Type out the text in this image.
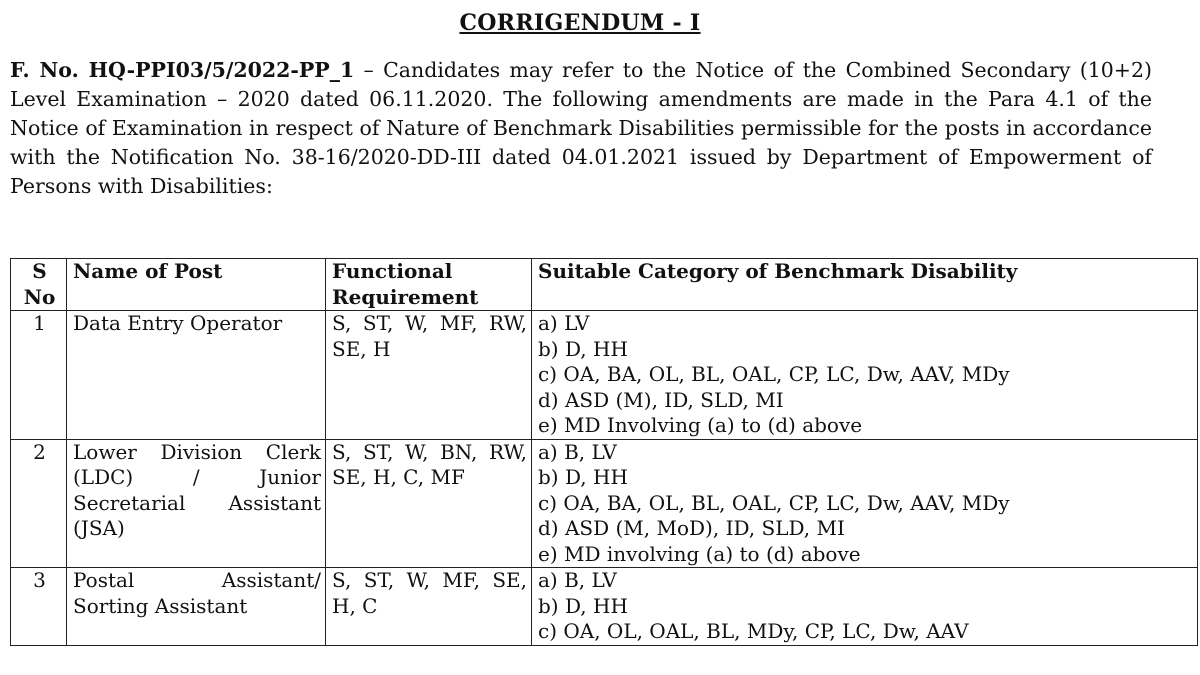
CORRIGENDUM - I
F. No. HQ-PPI03/5/2022-PP_1 – Candidates may refer to the Notice of the Combined Secondary (10+2) Level Examination – 2020 dated 06.11.2020. The following amendments are made in the Para 4.1 of the Notice of Examination in respect of Nature of Benchmark Disabilities permissible for the posts in accordance with the Notification No. 38-16/2020-DD-III dated 04.01.2021 issued by Department of Empowerment of Persons with Disabilities:
S No	Name of Post	Functional Requirement	Suitable Category of Benchmark Disability
1	Data Entry Operator	S, ST, W, MF, RW, SE, H	a) LV
b) D, HH
c) OA, BA, OL, BL, OAL, CP, LC, Dw, AAV, MDy
d) ASD (M), ID, SLD, MI
e) MD Involving (a) to (d) above

2	Lower Division Clerk (LDC) / Junior Secretarial Assistant (JSA)	S, ST, W, BN, RW, SE, H, C, MF	a) B, LV
b) D, HH
c) OA, BA, OL, BL, OAL, CP, LC, Dw, AAV, MDy
d) ASD (M, MoD), ID, SLD, MI
e) MD involving (a) to (d) above

3	Postal Assistant/ Sorting Assistant	S, ST, W, MF, SE, H, C	a) B, LV
b) D, HH
c) OA, OL, OAL, BL, MDy, CP, LC, Dw, AAV
